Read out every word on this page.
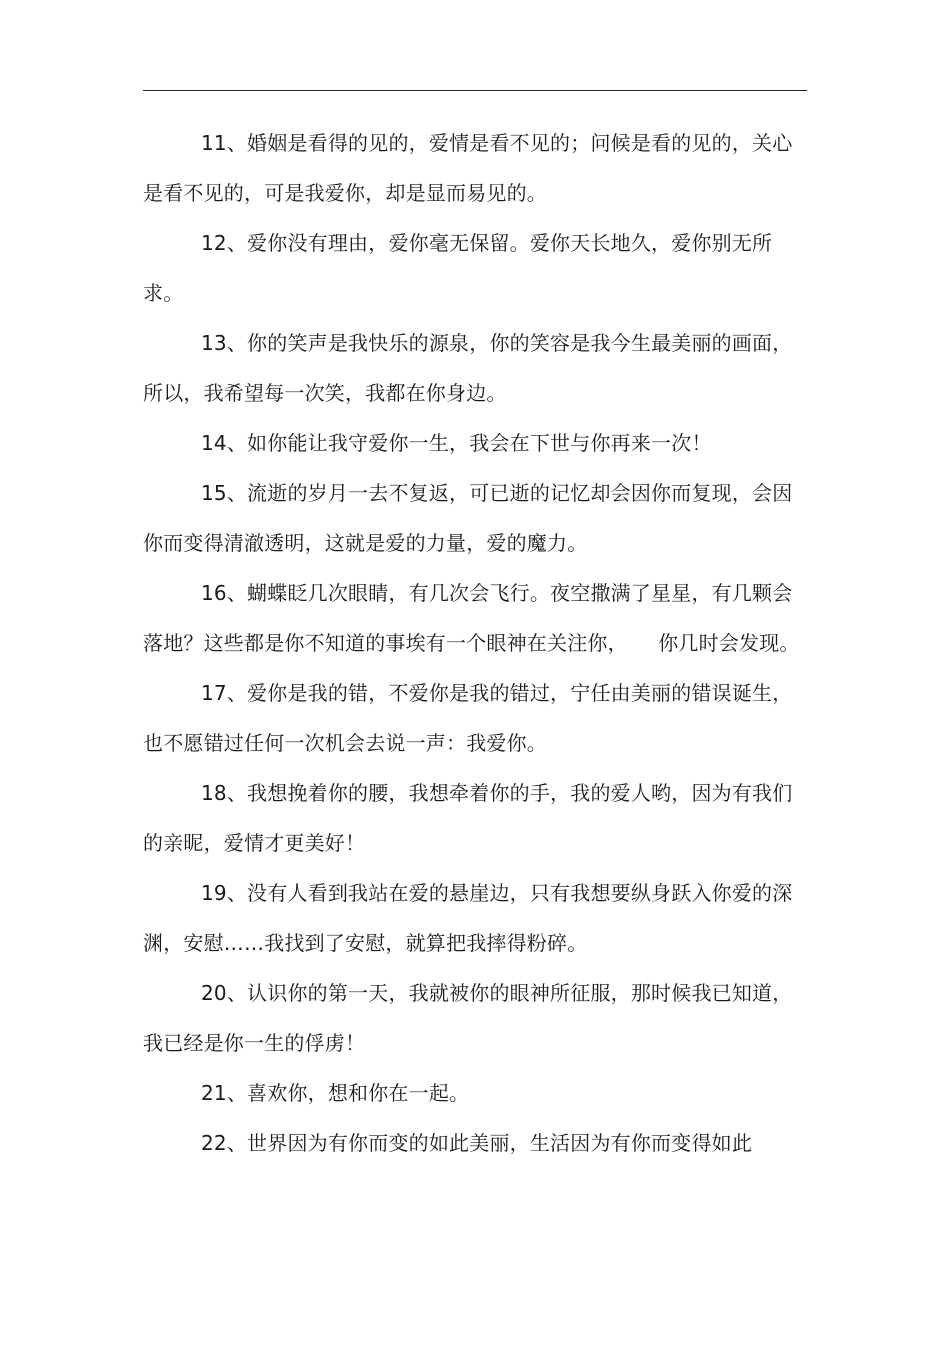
11、婚姻是看得的见的，爱情是看不见的；问候是看的见的，关心是看不见的，可是我爱你，却是显而易见的。

12、爱你没有理由，爱你毫无保留。爱你天长地久，爱你别无所求。

13、你的笑声是我快乐的源泉，你的笑容是我今生最美丽的画面，所以，我希望每一次笑，我都在你身边。

14、如你能让我守爱你一生，我会在下世与你再来一次！

15、流逝的岁月一去不复返，可已逝的记忆却会因你而复现，会因你而变得清澈透明，这就是爱的力量，爱的魔力。

16、蝴蝶眨几次眼睛，有几次会飞行。夜空撒满了星星，有几颗会落地？这些都是你不知道的事埃有一个眼神在关注你，　　你几时会发现。

17、爱你是我的错，不爱你是我的错过，宁任由美丽的错误诞生，也不愿错过任何一次机会去说一声：我爱你。

18、我想挽着你的腰，我想牵着你的手，我的爱人哟，因为有我们的亲昵，爱情才更美好！

19、没有人看到我站在爱的悬崖边，只有我想要纵身跃入你爱的深渊，安慰……我找到了安慰，就算把我摔得粉碎。

20、认识你的第一天，我就被你的眼神所征服，那时候我已知道，我已经是你一生的俘虏！

21、喜欢你，想和你在一起。

22、世界因为有你而变的如此美丽，生活因为有你而变得如此
